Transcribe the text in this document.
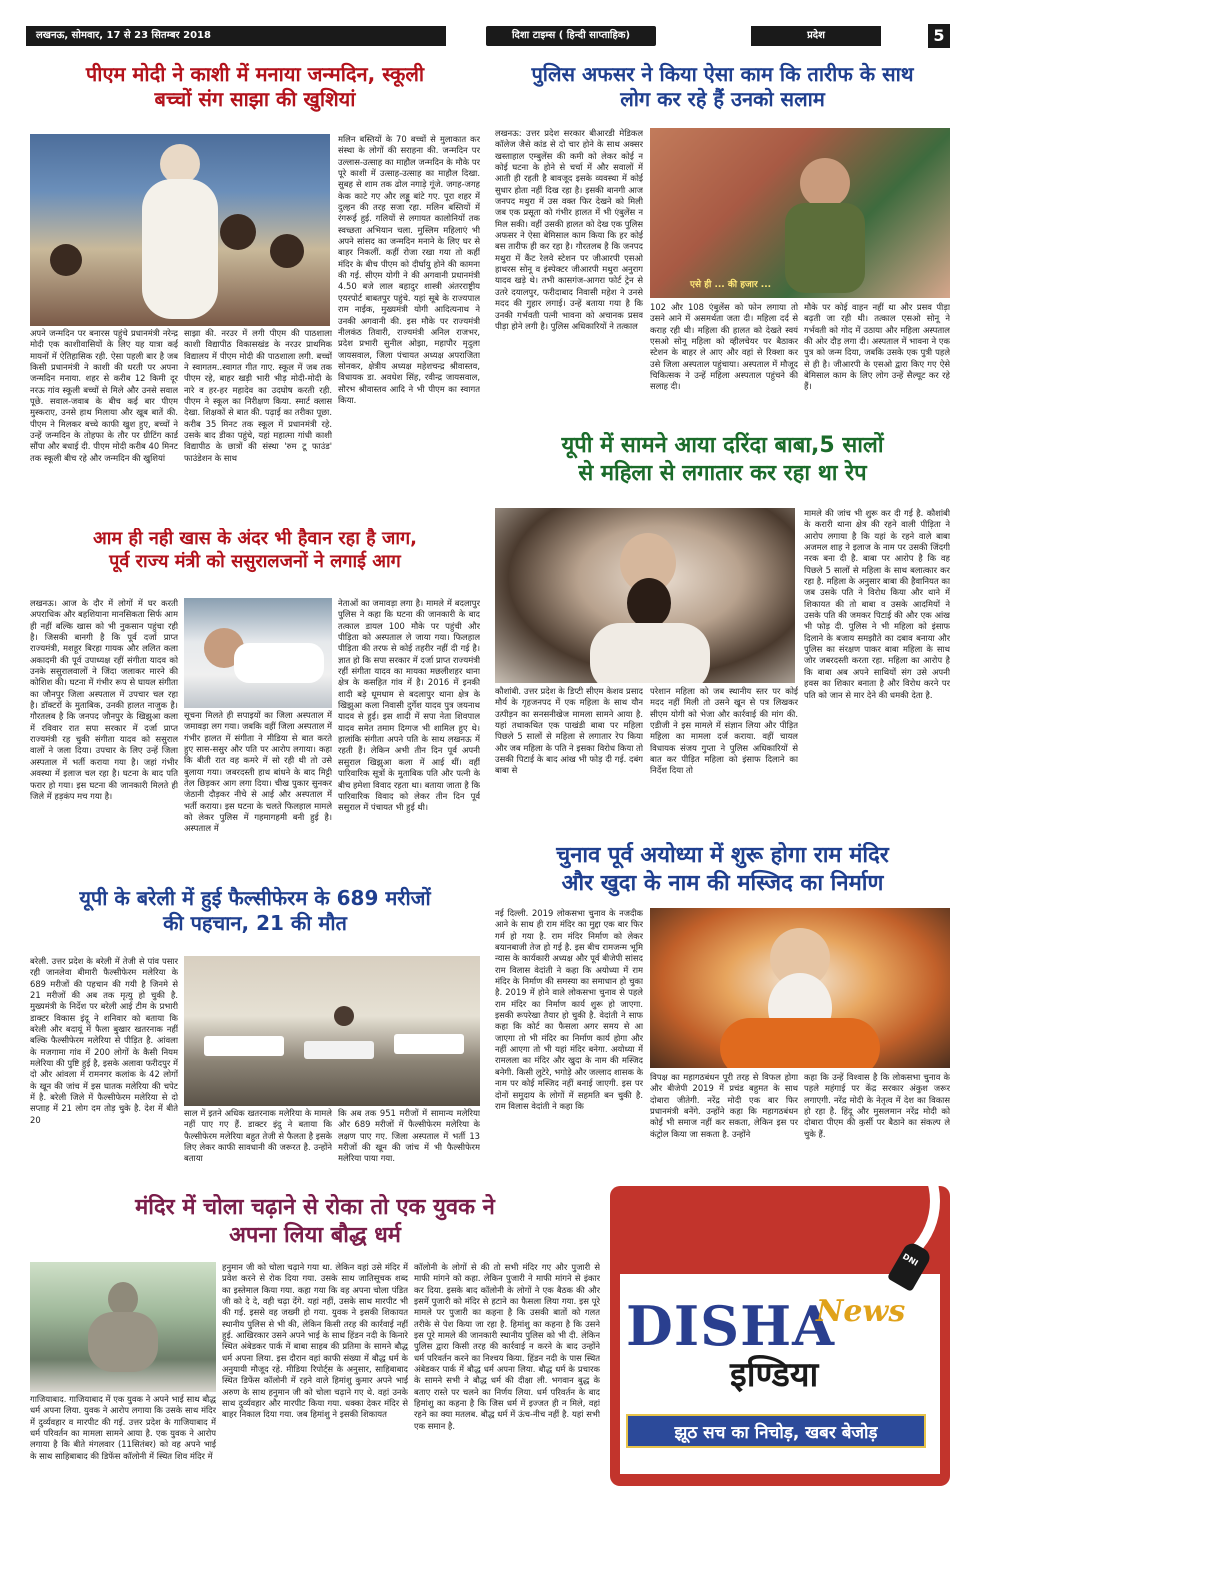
लखनऊ, सोमवार, 17 से 23 सितम्बर 2018	दिशा टाइम्स ( हिन्दी साप्ताहिक)	प्रदेश	5
पीएम मोदी ने काशी में मनाया जन्मदिन, स्कूली
बच्चों संग साझा की खुशियां
अपने जन्मदिन पर बनारस पहुंचे प्रधानमंत्री नरेन्द्र मोदी एक काशीवासियों के लिए यह यात्रा कई मायनों में ऐतिहासिक रही. ऐसा पहली बार है जब किसी प्रधानमंत्री ने काशी की धरती पर अपना जन्मदिन मनाया. शहर से करीब 12 किमी दूर नरऊ गांव स्कूली बच्चों से मिले और उनसे सवाल पूछे. सवाल-जवाब के बीच कई बार पीएम मुस्कराए, उनसे हाथ मिलाया और खूब बातें की. पीएम ने मिलकर बच्चे काफी खुश हुए, बच्चों ने उन्हें जन्मदिन के तोहफा के तौर पर ग्रीटिंग कार्ड सौंपा और बधाई दी. पीएम मोदी करीब 40 मिनट तक स्कूली बीच रहे और जन्मदिन की खुशियां
साझा की. नरउर में लगी पीएम की पाठशाला काशी विद्यापीठ विकासखंड के नरउर प्राथमिक विद्यालय में पीएम मोदी की पाठशाला लगी. बच्चों ने स्वागतम..स्वागत गीत गाए. स्कूल में जब तक पीएम रहे, बाहर खड़ी भारी भीड़ मोदी-मोदी के नारे व हर-हर महादेव का उदघोष करती रही. पीएम ने स्कूल का निरीक्षण किया. स्मार्ट क्लास देखा. शिक्षकों से बात की. पढ़ाई का तरीका पूछा. करीब 35 मिनट तक स्कूल में प्रधानमंत्री रहे. उसके बाद डीका पहुंचे, यहां महात्मा गांधी काशी विद्यापीठ के छात्रों की संस्था 'रुम टू फाउंड' फाउंडेशन के साथ
मलिन बस्तियों के 70 बच्चों से मुलाकात कर संस्था के लोगों की सराहना की. जन्मदिन पर उल्लास-उत्साह का माहौल जन्मदिन के मौके पर पूरे काशी में उत्साह-उत्साह का माहौल दिखा. सुबह से शाम तक ढोल नगाड़े गूंजे. जगह-जगह केक काटे गए और लड्डू बांटे गए. पूरा शहर में दुल्हन की तरह सजा रहा. मलिन बस्तियों में रंगरूई हुई. गलियों से लगायत कालोनियों तक स्वच्छता अभियान चला. मुस्लिम महिलाएं भी अपने सांसद का जन्मदिन मनाने के लिए घर से बाहर निकलीं. कहीं रोजा रखा गया तो कहीं मंदिर के बीच पीएम को दीर्घायु होने की कामना की गई. सीएम योगी ने की अगवानी प्रधानमंत्री 4.50 बजे लाल बहादुर शास्त्री अंतरराष्ट्रीय एयरपोर्ट बाबतपुर पहुंचे. यहां सूबे के राज्यपाल राम नाईक, मुख्यमंत्री योगी आदित्यनाथ ने उनकी अगवानी की. इस मौके पर राज्यमंत्री नीलकंठ तिवारी, राज्यमंत्री अनिल राजभर, प्रदेश प्रभारी सुनील ओझा, महापौर मृदुला जायसवाल, जिला पंचायत अध्यक्ष अपराजिता सोनकर, क्षेत्रीय अध्यक्ष महेशचन्द्र श्रीवास्तव, विधायक डा. अवधेश सिंह, रवीन्द्र जायसवाल, सौरभ श्रीवास्तव आदि ने भी पीएम का स्वागत किया.
पुलिस अफसर ने किया ऐसा काम कि तारीफ के साथ
लोग कर रहे हैं उनको सलाम
लखनऊ: उत्तर प्रदेश सरकार बीआरडी मेडिकल कॉलेज जैसे कांड से दो चार होने के साथ अक्सर खस्ताहाल एम्बुलेंस की कमी को लेकर कोई न कोई घटना के होने से चर्चा में और सवालों में आती ही रहती है बावजूद इसके व्यवस्था में कोई सुधार होता नहीं दिख रहा है। इसकी बानगी आज जनपद मथुरा में उस वक्त फिर देखने को मिली जब एक प्रसूता को गंभीर हालत में भी एंबुलेंस न मिल सकी। वहीं उसकी हालत को देख एक पुलिस अफसर ने ऐसा बेमिसाल काम किया कि हर कोई बस तारीफ ही कर रहा है। गौरतलब है कि जनपद मथुरा में कैंट रेलवे स्टेशन पर जीआरपी एसओ हाथरस सोनू व इंस्पेक्टर जीआरपी मथुरा अनुराग यादव खड़े थे। तभी कासगंज-आगरा फोर्ट ट्रेन से उतरे दयालपुर, फरीदाबाद निवासी महेश ने उनसे मदद की गुहार लगाई। उन्हें बताया गया है कि उनकी गर्भवती पत्नी भावना को अचानक प्रसव पीड़ा होने लगी है। पुलिस अधिकारियों ने तत्काल
एसे ही ... की हजार ...
102 और 108 एंबुलेंस को फोन लगाया तो उसने आने में असमर्थता जता दी। महिला दर्द से कराह रही थी। महिला की हालत को देखते स्वयं एसओ सोनू महिला को व्हीलचेयर पर बैठाकर स्टेशन के बाहर ले आए और वहां से रिक्शा कर उसे जिला अस्पताल पहुंचाया। अस्पताल में मौजूद चिकित्सक ने उन्हें महिला अस्पताल पहुंचने की सलाह दी।
मौके पर कोई वाहन नहीं था और प्रसव पीड़ा बढ़ती जा रही थी। तत्काल एसओ सोनू ने गर्भवती को गोद में उठाया और महिला अस्पताल की ओर दौड़ लगा दी। अस्पताल में भावना ने एक पुत्र को जन्म दिया, जबकि उसके एक पुत्री पहले से ही है। जीआरपी के एसओ द्वारा किए गए ऐसे बेमिसाल काम के लिए लोग उन्हें सैल्यूट कर रहे हैं।
यूपी में सामने आया दरिंदा बाबा,5 सालों
से महिला से लगातार कर रहा था रेप
मामले की जांच भी शुरू कर दी गई है. कौशांबी के करारी थाना क्षेत्र की रहने वाली पीड़िता ने आरोप लगाया है कि यहां के रहने वाले बाबा अजमल शाह ने इलाज के नाम पर उसकी जिंदगी नरक बना दी है. बाबा पर आरोप है कि वह पिछले 5 सालों से महिला के साथ बलात्कार कर रहा है. महिला के अनुसार बाबा की हैवानियत का जब उसके पति ने विरोध किया और थाने में शिकायत की तो बाबा व उसके आदमियों ने उसके पति की जमकर पिटाई की और एक आंख भी फोड़ दी. पुलिस ने भी महिला को इंसाफ दिलाने के बजाय समझौते का दबाव बनाया और पुलिस का संरक्षण पाकर बाबा महिला के साथ जोर जबरदस्ती करता रहा. महिला का आरोप है कि बाबा अब अपने साथियों संग उसे अपनी हवस का शिकार बनाता है और विरोध करने पर पति को जान से मार देने की धमकी देता है.
कौशांबी. उत्तर प्रदेश के डिप्टी सीएम केशव प्रसाद मौर्य के गृहजनपद में एक महिला के साथ यौन उत्पीड़न का सनसनीखेज मामला सामने आया है. यहां तथाकथित एक पाखंडी बाबा पर महिला पिछले 5 सालों से महिला से लगातार रेप किया और जब महिला के पति ने इसका विरोध किया तो उसकी पिटाई के बाद आंख भी फोड़ दी गई. दबंग बाबा से
परेशान महिला को जब स्थानीय स्तर पर कोई मदद नहीं मिली तो उसने खून से पत्र लिखकर सीएम योगी को भेजा और कार्रवाई की मांग की. एडीजी ने इस मामले में संज्ञान लिया और पीड़ित महिला का मामला दर्ज कराया. वहीं चायल विधायक संजय गुप्ता ने पुलिस अधिकारियों से बात कर पीड़ित महिला को इंसाफ दिलाने का निर्देश दिया तो
आम ही नही खास के अंदर भी हैवान रहा है जाग,
पूर्व राज्य मंत्री को ससुरालजनों ने लगाई आग
लखनऊ। आज के दौर में लोगों में घर करती अपराधिक और बहशियाना मानसिकता सिर्फ आम ही नहीं बल्कि खास को भी नुकसान पहुंचा रही है। जिसकी बानगी है कि पूर्व दर्जा प्राप्त राज्यमंत्री, मशहूर बिरहा गायक और ललित कला अकादमी की पूर्व उपाध्यक्ष रहीं संगीता यादव को उनके ससुरालवालों ने जिंदा जलाकर मारने की कोशिश की। घटना में गंभीर रूप से घायल संगीता का जौनपुर जिला अस्पताल में उपचार चल रहा है। डॉक्टरों के मुताबिक, उनकी हालत नाजुक है। गौरतलब है कि जनपद जौनपुर के खिझुआ कला में रविवार रात सपा सरकार में दर्जा प्राप्त राज्यमंत्री रह चुकी संगीता यादव को ससुराल वालों ने जला दिया। उपचार के लिए उन्हें जिला अस्पताल में भर्ती कराया गया है। जहां गंभीर अवस्था में इलाज चल रहा है। घटना के बाद पति फरार हो गया। इस घटना की जानकारी मिलते ही जिले में हड़कंप मच गया है।
सूचना मिलते ही सपाइयों का जिला अस्पताल में जमावड़ा लग गया। जबकि वहीं जिला अस्पताल में गंभीर हालत में संगीता ने मीडिया से बात करते हुए सास-ससुर और पति पर आरोप लगाया। कहा कि बीती रात वह कमरे में सो रही थी तो उसे बुलाया गया। जबरदस्ती हाथ बांधने के बाद मिट्टी तेल छिड़कर आग लगा दिया। चीख पुकार सुनकर जेठानी दौड़कर नीचे से आई और अस्पताल में भर्ती कराया। इस घटना के चलते फिलहाल मामले को लेकर पुलिस में गहमागहमी बनी हुई है। अस्पताल में
नेताओं का जमावड़ा लगा है। मामले में बदलापुर पुलिस ने कहा कि घटना की जानकारी के बाद तत्काल डायल 100 मौके पर पहुंची और पीड़िता को अस्पताल ले जाया गया। फिलहाल पीड़िता की तरफ से कोई तहरीर नहीं दी गई है। ज्ञात हो कि सपा सरकार में दर्जा प्राप्त राज्यमंत्री रहीं संगीता यादव का मायका मछलीशहर थाना क्षेत्र के कसहित गांव में है। 2016 में इनकी शादी बड़े धूमधाम से बदलापुर थाना क्षेत्र के खिझुआ कला निवासी दुर्गेश यादव पुत्र जयनाथ यादव से हुई। इस शादी में सपा नेता शिवपाल यादव समेत तमाम दिग्गज भी शामिल हुए थे। हालांकि संगीता अपने पति के साथ लखनऊ में रहती हैं। लेकिन अभी तीन दिन पूर्व अपनी ससुराल खिझुआ कला में आई थीं। वहीं पारिवारिक सूत्रों के मुताबिक पति और पत्नी के बीच हमेशा विवाद रहता था। बताया जाता है कि पारिवारिक विवाद को लेकर तीन दिन पूर्व ससुराल में पंचायत भी हुई थी।
चुनाव पूर्व अयोध्या में शुरू होगा राम मंदिर
और खुदा के नाम की मस्जिद का निर्माण
नई दिल्ली. 2019 लोकसभा चुनाव के नजदीक आने के साथ ही राम मंदिर का मुद्दा एक बार फिर गर्म हो गया है. राम मंदिर निर्माण को लेकर बयानबाजी तेज हो गई है. इस बीच रामजन्म भूमि न्यास के कार्यकारी अध्यक्ष और पूर्व बीजेपी सांसद राम विलास वेदांती ने कहा कि अयोध्या में राम मंदिर के निर्माण की समस्या का समाधान हो चुका है. 2019 में होने वाले लोकसभा चुनाव से पहले राम मंदिर का निर्माण कार्य शुरू हो जाएगा. इसकी रूपरेखा तैयार हो चुकी है. वेदांती ने साफ कहा कि कोर्ट का फैसला अगर समय से आ जाएगा तो भी मंदिर का निर्माण कार्य होगा और नहीं आएगा तो भी यहां मंदिर बनेगा. अयोध्या में रामलला का मंदिर और खुदा के नाम की मस्जिद बनेगी. किसी लुटेरे, भगोड़े और जल्लाद शासक के नाम पर कोई मस्जिद नहीं बनाई जाएगी. इस पर दोनों समुदाय के लोगों में सहमति बन चुकी है. राम विलास वेदांती ने कहा कि
विपक्ष का महागठबंधन पूरी तरह से विफल होगा और बीजेपी 2019 में प्रचंड बहुमत के साथ दोबारा जीतेगी. नरेंद्र मोदी एक बार फिर प्रधानमंत्री बनेंगे. उन्होंने कहा कि महागठबंधन कोई भी समाज नहीं कर सकता, लेकिन इस पर कंट्रोल किया जा सकता है. उन्होंने
कहा कि उन्हें विश्वास है कि लोकसभा चुनाव के पहले महंगाई पर केंद्र सरकार अंकुश जरूर लगाएगी. नरेंद्र मोदी के नेतृत्व में देश का विकास हो रहा है. हिंदू और मुसलमान नरेंद्र मोदी को दोबारा पीएम की कुर्सी पर बैठाने का संकल्प ले चुके हैं.
यूपी के बरेली में हुई फैल्सीफेरम के 689 मरीजों
की पहचान, 21 की मौत
बरेली. उत्तर प्रदेश के बरेली में तेजी से पांव पसार रही जानलेवा बीमारी फैल्सीफेरम मलेरिया के 689 मरीजों की पहचान की गयी है जिनमे से 21 मरीजों की अब तक मृत्यु हो चुकी है. मुख्यमंत्री के निर्देश पर बरेली आई टीम के प्रभारी डाक्टर विकास इंदू ने शनिवार को बताया कि बरेली और बदायूं में फैला बुखार खतरनाक नहीं बल्कि फैल्सीफेरम मलेरिया से पीड़ित है. आंवला के मजगामा गांव में 200 लोगों के कैसी नियम मलेरिया की पुष्टि हुई है, इसके अलावा फरीदपुर में दो और आंवला में रामनगर कलांक के 42 लोगों के खून की जांच में इस घातक मलेरिया की चपेट में है. बरेली जिले में फैल्सीफेरम मलेरिया से दो सप्ताह में 21 लोग दम तोड़ चुके है. देश में बीते 20
साल में इतने अधिक खतरनाक मलेरिया के मामले नहीं पाए गए हैं. डाक्टर इंदु ने बताया कि फैल्सीफेरम मलेरिया बहुत तेजी से फैलता है इसके लिए लेकर काफी सावधानी की जरूरत है. उन्होंने बताया
कि अब तक 951 मरीजों में सामान्य मलेरिया और 689 मरीजों में फैल्सीफेरम मलेरिया के लक्षण पाए गए. जिला अस्पताल में भर्ती 13 मरीजों की खून की जांच में भी फैल्सीफेरम मलेरिया पाया गया.
मंदिर में चोला चढ़ाने से रोका तो एक युवक ने
अपना लिया बौद्ध धर्म
गाजियाबाद. गाजियाबाद में एक युवक ने अपने भाई साथ बौद्ध धर्म अपना लिया. युवक ने आरोप लगाया कि उसके साथ मंदिर में दुर्व्यवहार व मारपीट की गई. उत्तर प्रदेश के गाजियाबाद में धर्म परिवर्तन का मामला सामने आया है. एक युवक ने आरोप लगाया है कि बीते मंगलवार (11सितंबर) को वह अपने भाई के साथ साहिबाबाद की डिफेंस कॉलोनी में स्थित शिव मंदिर में
हनुमान जी को चोला चढ़ाने गया था. लेकिन वहां उसे मंदिर में प्रवेश करने से रोक दिया गया. उसके साथ जातिसूचक शब्द का इस्तेमाल किया गया. कहा गया कि वह अपना चोला पंडित जी को दे दे, वही चढ़ा देंगे. यहां नहीं, उसके साथ मारपीट भी की गई. इससे वह जख्मी हो गया. युवक ने इसकी शिकायत स्थानीय पुलिस से भी की, लेकिन किसी तरह की कार्रवाई नहीं हुई. आखिरकार उसने अपने भाई के साथ हिंडन नदी के किनारे स्थित अंबेडकर पार्क में बाबा साहब की प्रतिमा के सामने बौद्ध धर्म अपना लिया. इस दौरान वहां काफी संख्या में बौद्ध धर्म के अनुयायी मौजूद रहे. मीडिया रिपोर्ट्स के अनुसार, साहिबाबाद स्थित डिफेंस कॉलोनी में रहने वाले हिमांशु कुमार अपने भाई अरुण के साथ हनुमान जी को चोला चढ़ाने गए थे. वहां उनके साथ दुर्व्यवहार और मारपीट किया गया. धक्का देकर मंदिर से बाहर निकाल दिया गया. जब हिमांशु ने इसकी शिकायत
कॉलोनी के लोगों से की तो सभी मंदिर गए और पुजारी से माफी मांगने को कहा. लेकिन पुजारी ने माफी मांगने से इंकार कर दिया. इसके बाद कॉलोनी के लोगों ने एक बैठक की और इसमें पुजारी को मंदिर से हटाने का फैसला लिया गया. इस पूरे मामले पर पुजारी का कहना है कि उसकी बातों को गलत तरीके से पेश किया जा रहा है. हिमांशु का कहना है कि उसने इस पूरे मामले की जानकारी स्थानीय पुलिस को भी दी. लेकिन पुलिस द्वारा किसी तरह की कार्रवाई न करने के बाद उन्होंने धर्म परिवर्तन करने का निश्चय किया. हिंडन नदी के पास स्थित अंबेडकर पार्क में बौद्ध धर्म अपना लिया. बौद्ध धर्म के प्रचारक के सामने सभी ने बौद्ध धर्म की दीक्षा ली. भगवान बुद्ध के बताए रास्ते पर चलने का निर्णय लिया. धर्म परिवर्तन के बाद हिमांशु का कहना है कि जिस धर्म में इज्जत ही न मिले, वहां रहने का क्या मतलब. बौद्ध धर्म में ऊंच-नीच नहीं है. यहां सभी एक समान है.
DISHA
News
इण्डिया
झूठ सच का निचोड़, खबर बेजोड़
DNI
